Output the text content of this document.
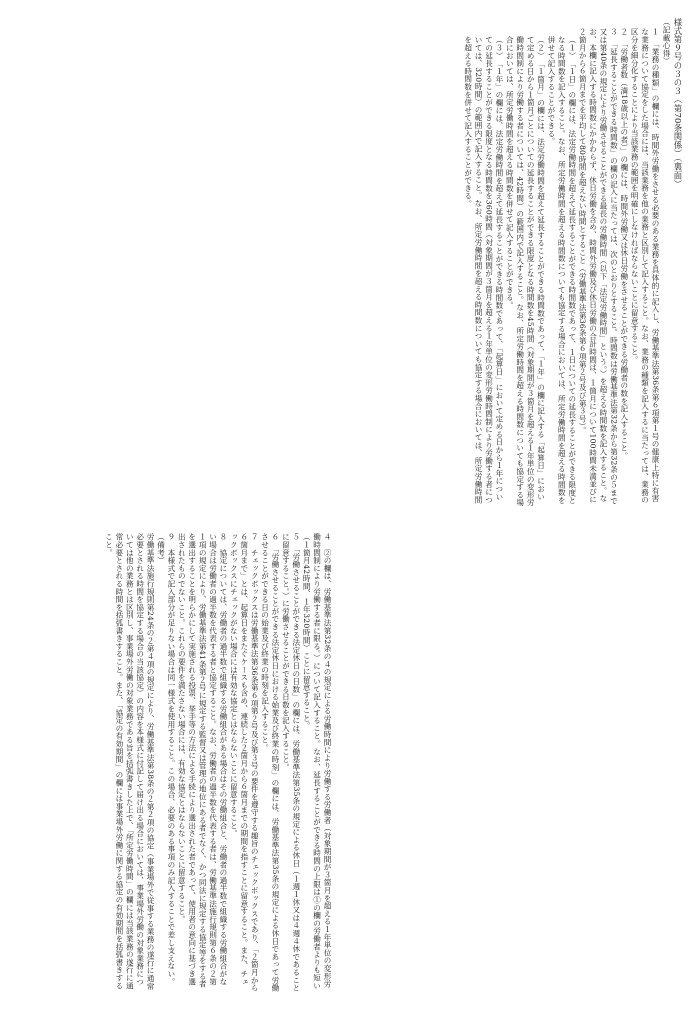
様式第９号の３の３（第70条関係）（裏面）
（記載心得）
１　「業務の種類」の欄には、時間外労働をさせる必要のある業務を具体的に記入し、労働基準法第36条第６項第１号の健康上特に有害な業務について協定をした場合には、当該業務を他の業務と区別して記入すること。なお、業務の種類を記入するに当たっては、業務の区分を細分化することにより当該業務の範囲を明確にしなければならないことに留意すること。
２　「労働者数（満18歳以上の者）」の欄には、時間外労働又は休日労働をさせることができる労働者の数を記入すること。
３　「延長することができる時間数」の欄の記入に当たっては、次のとおりとすること。時間数は労働基準法第32条から第32条の５まで又は第40条の規定により労働させることができる最長の労働時間（以下「法定労働時間」という。）を超える時間数を記入すること。なお、本欄に記入する時間数にかかわらず、休日労働を含め、時間外労働及び休日労働の合計時間は、１箇月について100時間未満並びに２箇月から６箇月までを平均して80時間を超えない時間とすること（労働基準法第36条第６項第２号及び第３号）。
（１）　「１日」の欄には、法定労働時間を超えて延長することができる時間数であって、１日についての延長することができる限度となる時間数を記入すること。なお、所定労働時間を超える時間数についても協定する場合においては、所定労働時間を超える時間数を併せて記入することができる。
（２）　「１箇月」の欄には、法定労働時間を超えて延長することができる時間数であって、「１年」の欄に記入する「起算日」において定める日から１箇月ごとについての延長することができる限度となる時間数を45時間（対象期間が３箇月を超える１年単位の変形労働時間制により労働する者については、42時間）の範囲内で記入すること。なお、所定労働時間を超える時間数についても協定する場合においては、所定労働時間を超える時間数を併せて記入することができる。
（３）　「１年」の欄には、法定労働時間を超えて延長することができる時間数であって、「起算日」において定める日から１年についての延長することができる限度となる時間数を360時間（対象期間が３箇月を超える１年単位の変形労働時間制により労働する者については、320時間）の範囲内で記入すること。なお、所定労働時間を超える時間数についても協定する場合においては、所定労働時間を超える時間数を併せて記入することができる。
４　②の欄は、労働基準法第32条の４の規定による労働時間により労働する労働者（対象期間が３箇月を超える１年単位の変形労働時間制により労働する者に限る。）について記入すること。なお、延長することができる時間の上限は①の欄の労働者よりも短い（１箇月42時間、１年320時間）ことに留意すること。
５　「労働させることができる法定休日の日数」の欄には、労働基準法第35条の規定による休日（１週１休又は４週４休であることに留意すること。）に労働させることができる日数を記入すること。
６　「労働させることができる法定休日における始業及び終業の時刻」の欄には、労働基準法第35条の規定による休日であって労働させることができる日の始業及び終業の時刻を記入すること。
７　チェックボックスは労働基準法第36条第６項第２号及び第３号の要件を遵守する趣旨のチェックボックスであり、「２箇月から６箇月まで」とは、起算日をまたぐケースも含め、連続した２箇月から６箇月までの期間を指すことに留意すること。また、チェックボックスにチェックがない場合には有効な協定とはならないことに留意すること。
８　協定については、労働者の過半数で組織する労働組合がある場合はその労働組合と、労働者の過半数で組織する労働組合がない場合は労働者の過半数を代表する者と協定すること。なお、労働者の過半数を代表する者は、労働基準法施行規則第６条の２第１項の規定により、労働基準法第41条第２号に規定する監督又は管理の地位にある者でなく、かつ同法に規定する協定等をする者を選出することを明らかにして実施される投票、挙手等の方法による手続により選出された者であって、使用者の意向に基づき選出されたものでないこと。これらの要件を満たさない場合には、有効な協定とはならないことに留意すること。
９　本様式で記入部分が足りない場合は同一様式を使用すること。この場合、必要のある事項のみ記入することで差し支えない。
（備考）
労働基準法施行規則第24条の２第４項の規定により、労働基準法第38条の２第２項の協定（事業場外で従事する業務の遂行に通常必要とされる時間を協定する場合の当該協定）の内容を本様式に付記して届け出る場合においては、事業場外労働の対象業務については他の業務とは区別し、事業場外労働の対象業務である旨を括弧書きした上で、「所定労働時間」の欄には当該業務の遂行に通常必要とされる時間を括弧書きすること。また、「協定の有効期間」の欄には事業場外労働に関する協定の有効期間を括弧書きすること。
